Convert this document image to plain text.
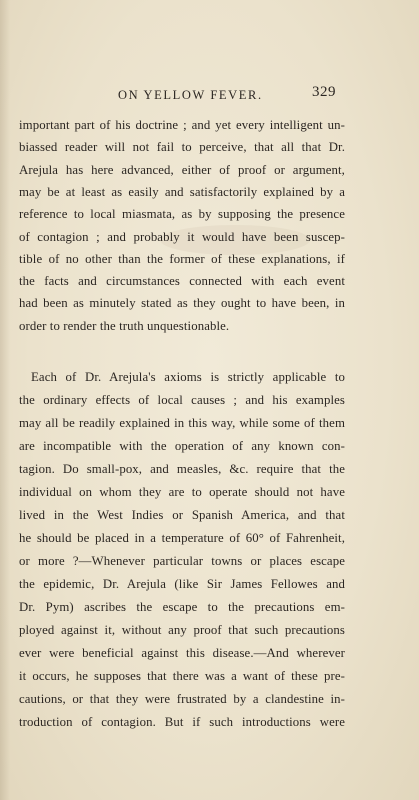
ON YELLOW FEVER.	329
important part of his doctrine ; and yet every intelligent un-
biassed reader will not fail to perceive, that all that Dr.
Arejula has here advanced, either of proof or argument,
may be at least as easily and satisfactorily explained by a
reference to local miasmata, as by supposing the presence
of contagion ; and probably it would have been suscep-
tible of no other than the former of these explanations, if
the facts and circumstances connected with each event
had been as minutely stated as they ought to have been, in
order to render the truth unquestionable.
Each of Dr. Arejula's axioms is strictly applicable to
the ordinary effects of local causes ; and his examples
may all be readily explained in this way, while some of them
are incompatible with the operation of any known con-
tagion. Do small-pox, and measles, &c. require that the
individual on whom they are to operate should not have
lived in the West Indies or Spanish America, and that
he should be placed in a temperature of 60° of Fahrenheit,
or more ?—Whenever particular towns or places escape
the epidemic, Dr. Arejula (like Sir James Fellowes and
Dr. Pym) ascribes the escape to the precautions em-
ployed against it, without any proof that such precautions
ever were beneficial against this disease.—And wherever
it occurs, he supposes that there was a want of these pre-
cautions, or that they were frustrated by a clandestine in-
troduction of contagion. But if such introductions were
